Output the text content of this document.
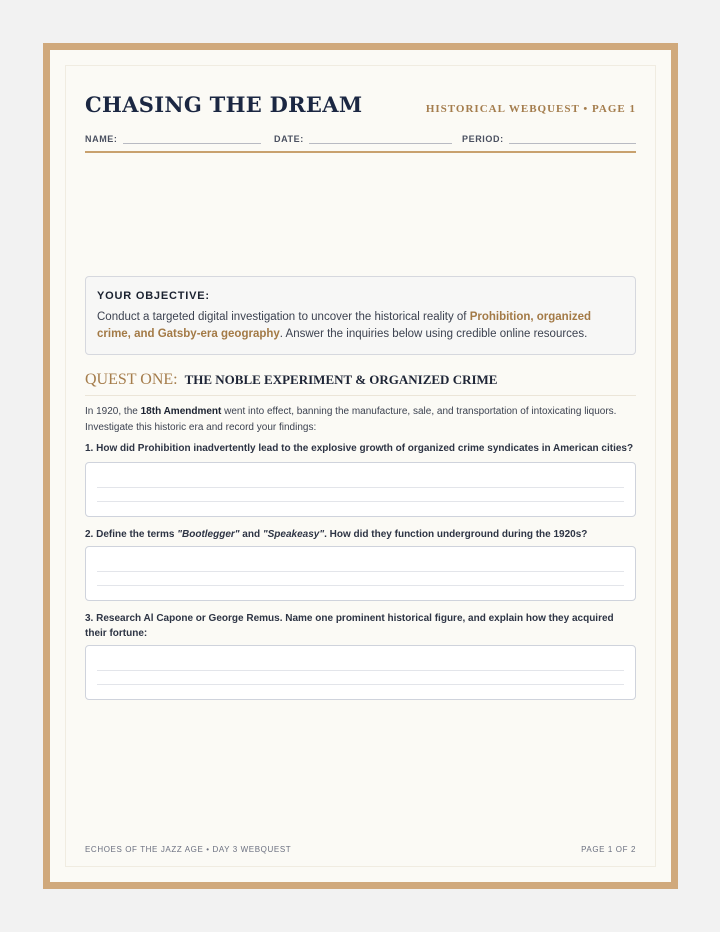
CHASING THE DREAM	HISTORICAL WEBQUEST • PAGE 1
NAME:	DATE:	PERIOD:
YOUR OBJECTIVE:
Conduct a targeted digital investigation to uncover the historical reality of Prohibition, organized crime, and Gatsby-era geography. Answer the inquiries below using credible online resources.
QUEST ONE: THE NOBLE EXPERIMENT & ORGANIZED CRIME
In 1920, the 18th Amendment went into effect, banning the manufacture, sale, and transportation of intoxicating liquors. Investigate this historic era and record your findings:
1. How did Prohibition inadvertently lead to the explosive growth of organized crime syndicates in American cities?
2. Define the terms "Bootlegger" and "Speakeasy". How did they function underground during the 1920s?
3. Research Al Capone or George Remus. Name one prominent historical figure, and explain how they acquired their fortune:
ECHOES OF THE JAZZ AGE • DAY 3 WEBQUEST	PAGE 1 OF 2
